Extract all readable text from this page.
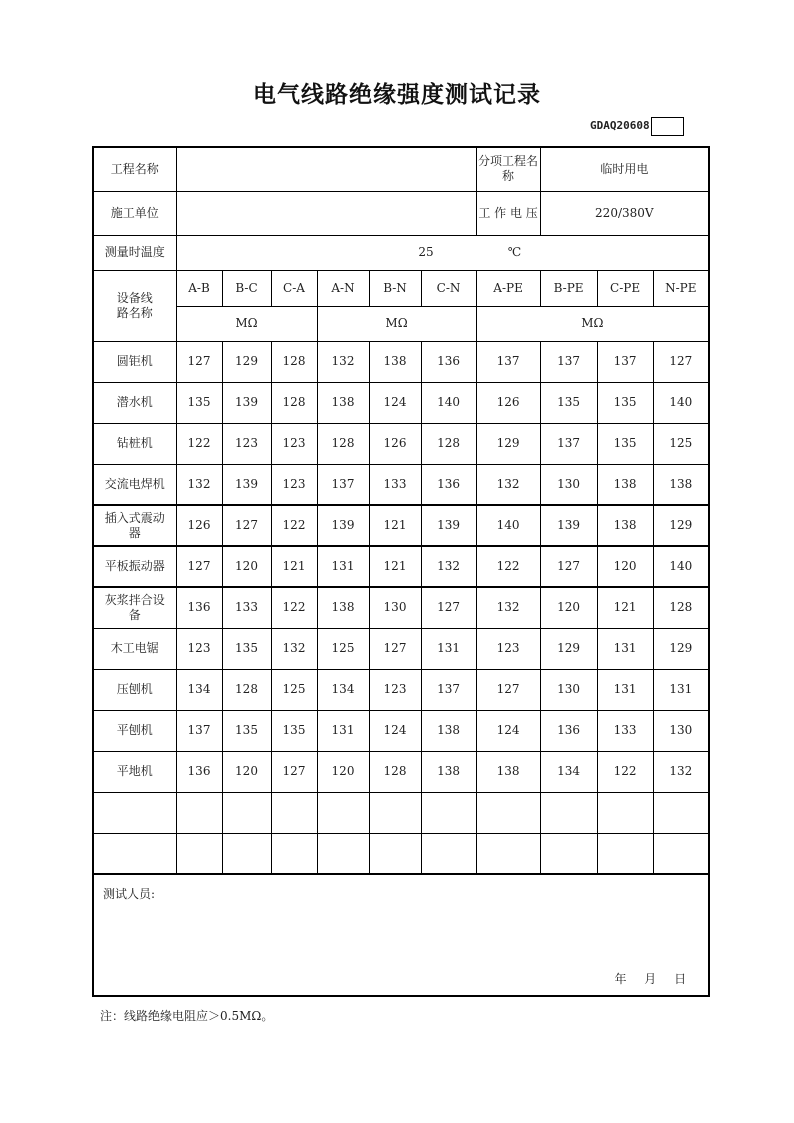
电气线路绝缘强度测试记录
GDAQ20608
工程名称							分项工程名称	临时用电		
施工单位							工 作 电 压	220/380V		
测量时温度	25 ℃									
设备线路名称	A-B	B-C	C-A	A-N	B-N	C-N	A-PE	B-PE	C-PE	N-PE
	MΩ			MΩ			MΩ			
圆钜机	127	129	128	132	138	136	137	137	137	127
潜水机	135	139	128	138	124	140	126	135	135	140
钻桩机	122	123	123	128	126	128	129	137	135	125
交流电焊机	132	139	123	137	133	136	132	130	138	138
插入式震动器	126	127	122	139	121	139	140	139	138	129
平板振动器	127	120	121	131	121	132	122	127	120	140
灰浆拌合设备	136	133	122	138	130	127	132	120	121	128
木工电锯	123	135	132	125	127	131	123	129	131	129
压刨机	134	128	125	134	123	137	127	130	131	131
平刨机	137	135	135	131	124	138	124	136	133	130
平地机	136	120	127	120	128	138	138	134	122	132

测试人员:
年 月 日										
注：线路绝缘电阻应＞0.5MΩ。
